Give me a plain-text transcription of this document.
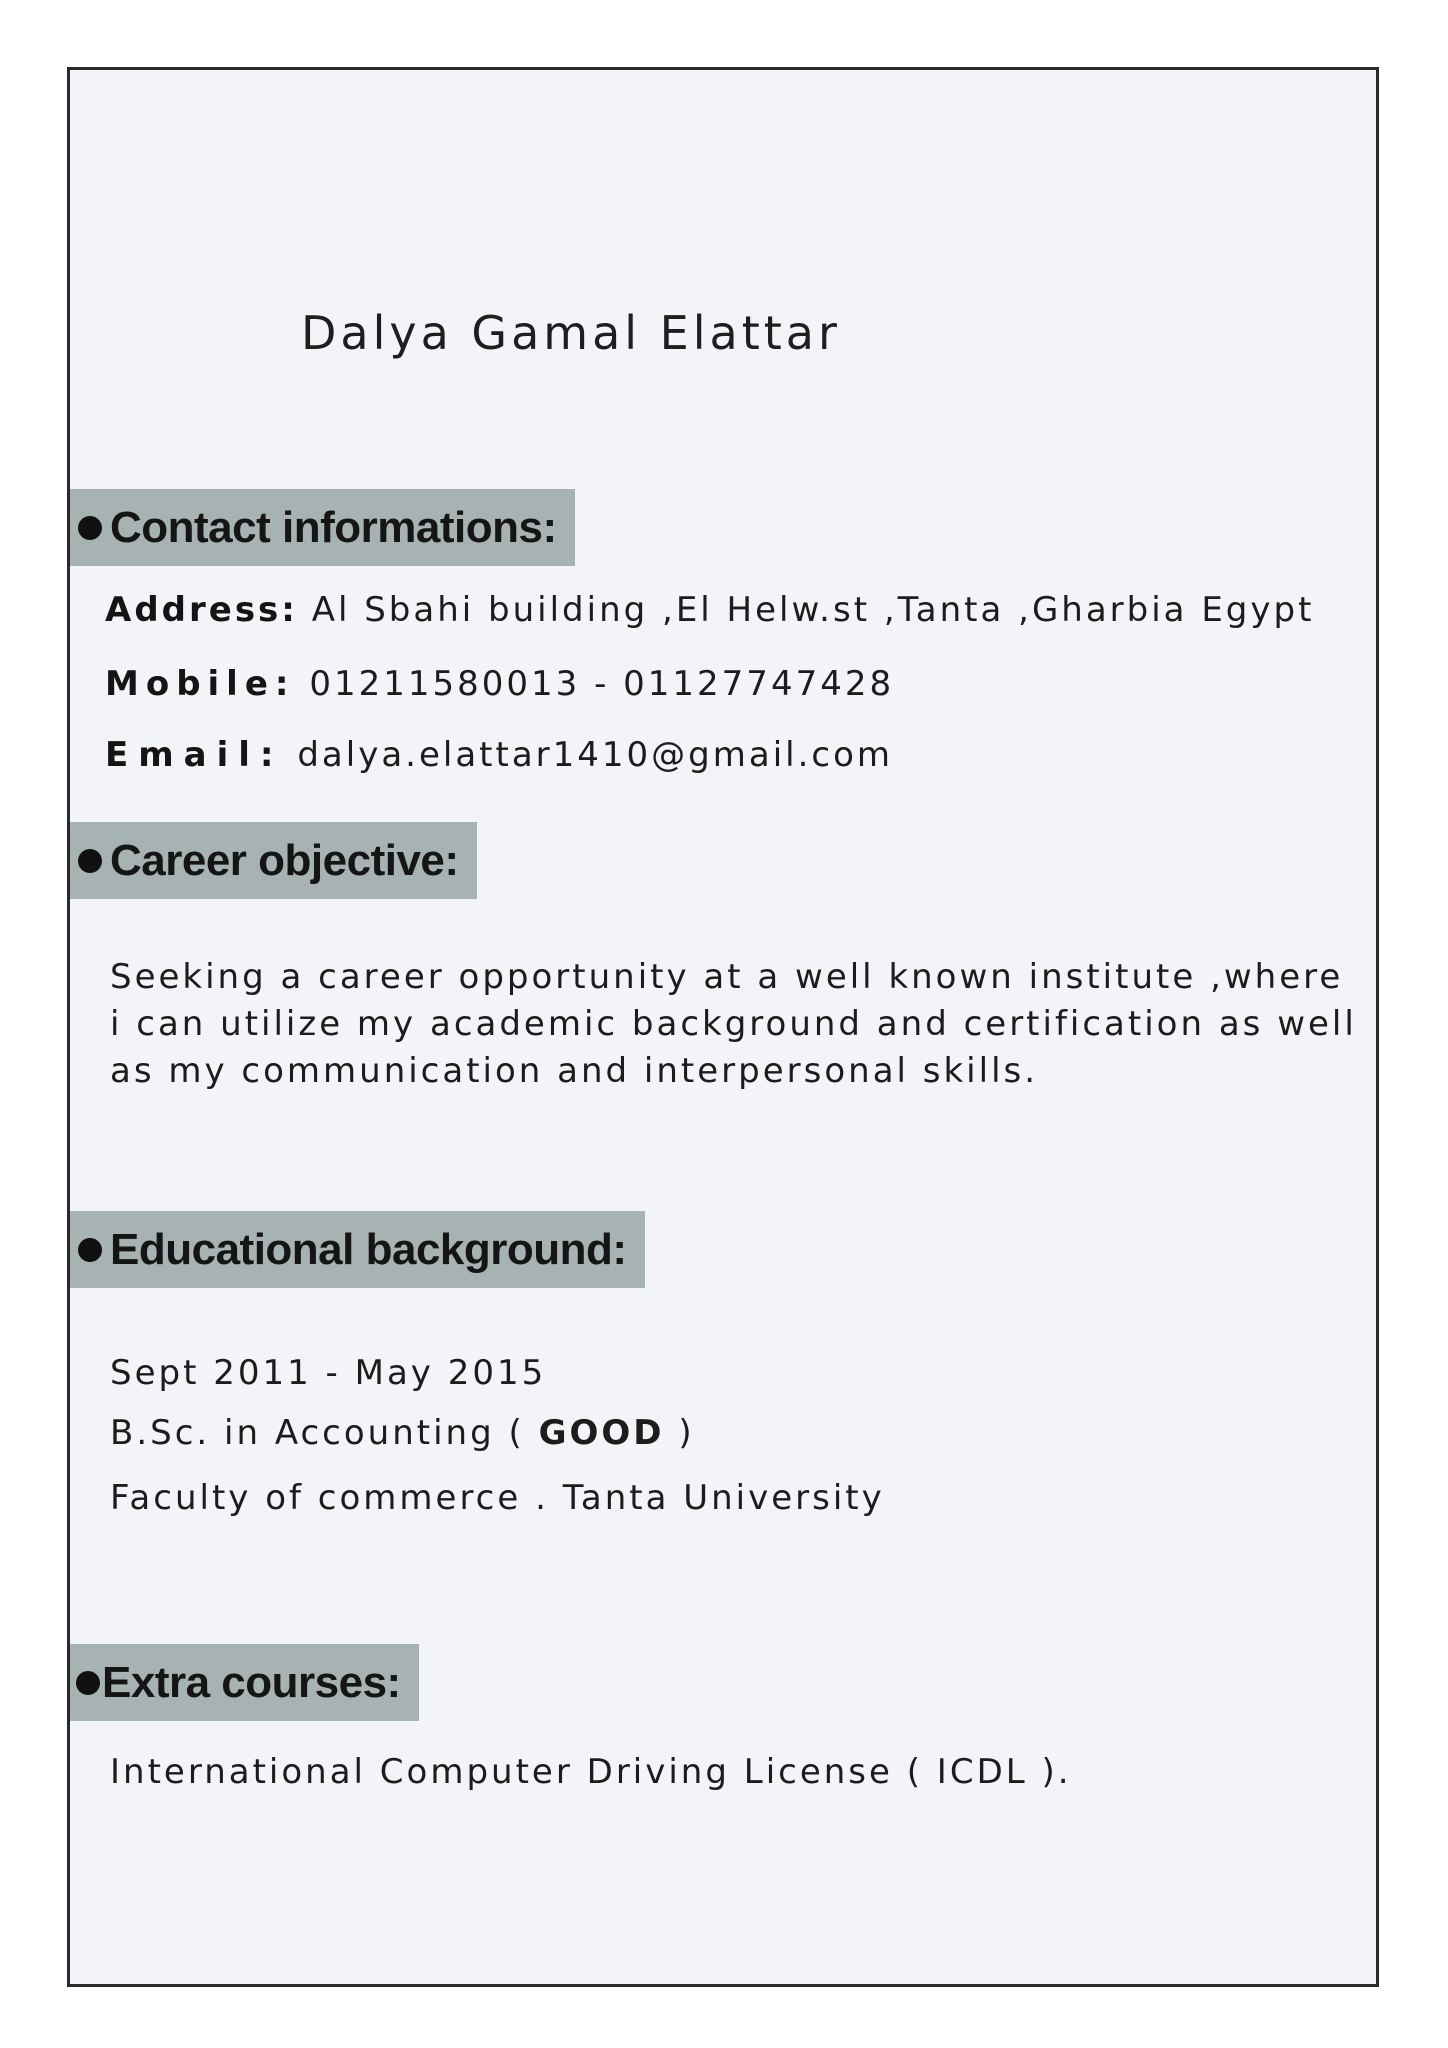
Dalya Gamal Elattar
Contact informations:
Address: Al Sbahi building ,El Helw.st ,Tanta ,Gharbia Egypt
Mobile: 01211580013 - 01127747428
Email: dalya.elattar1410@gmail.com
Career objective:
Seeking a career opportunity at a well known institute ,where
i can utilize my academic background and certification as well
as my communication and interpersonal skills.
Educational background:
Sept 2011 - May 2015
B.Sc. in Accounting ( GOOD )
Faculty of commerce . Tanta University
Extra courses:
International Computer Driving License ( ICDL ).
